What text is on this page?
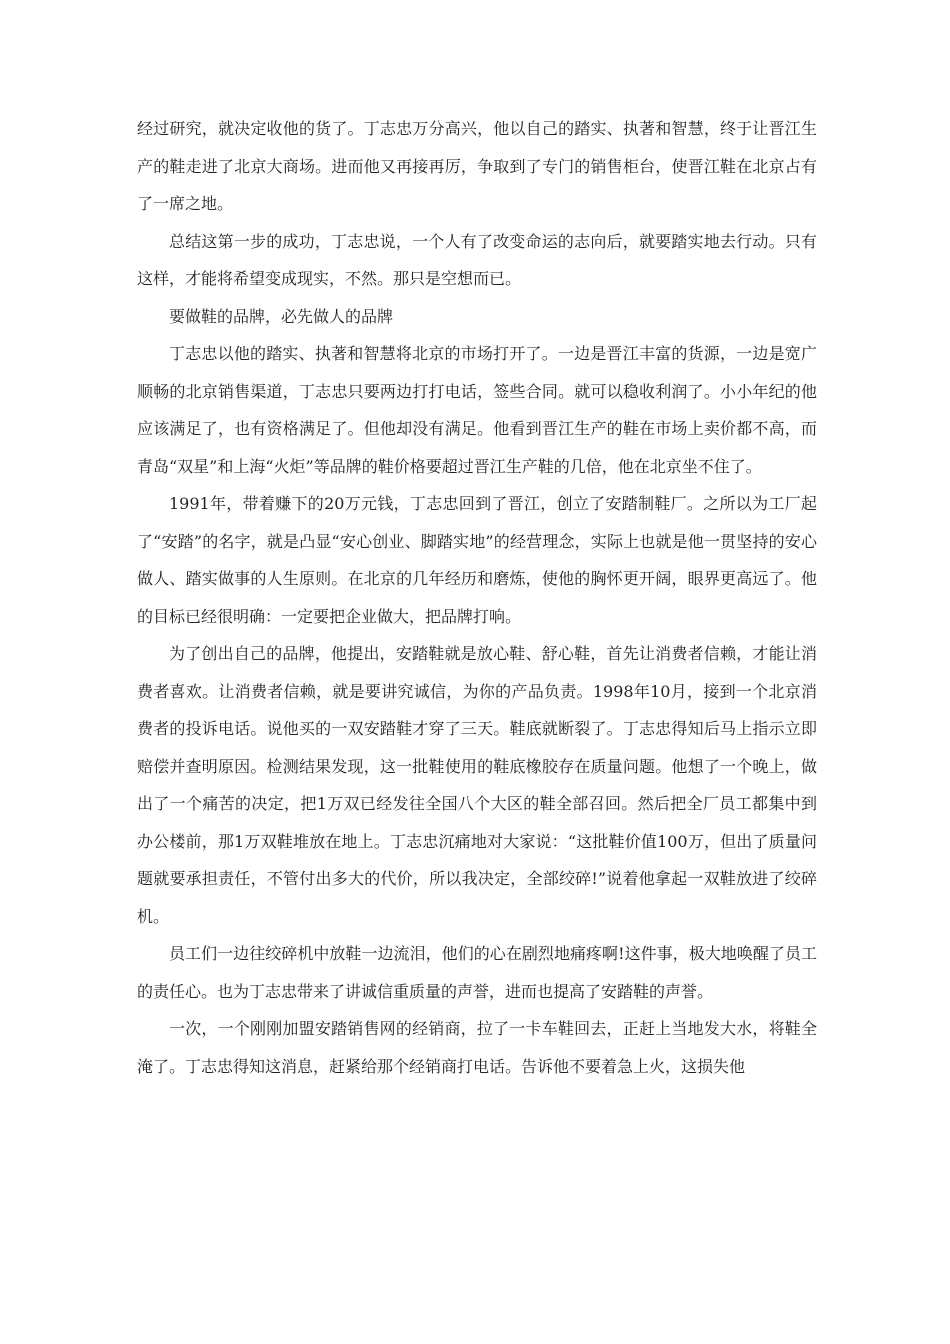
经过研究，就决定收他的货了。丁志忠万分高兴，他以自己的踏实、执著和智慧，终于让晋江生产的鞋走进了北京大商场。进而他又再接再厉，争取到了专门的销售柜台，使晋江鞋在北京占有了一席之地。

总结这第一步的成功，丁志忠说，一个人有了改变命运的志向后，就要踏实地去行动。只有这样，才能将希望变成现实，不然。那只是空想而已。

要做鞋的品牌，必先做人的品牌

丁志忠以他的踏实、执著和智慧将北京的市场打开了。一边是晋江丰富的货源，一边是宽广顺畅的北京销售渠道，丁志忠只要两边打打电话，签些合同。就可以稳收利润了。小小年纪的他应该满足了，也有资格满足了。但他却没有满足。他看到晋江生产的鞋在市场上卖价都不高，而青岛“双星”和上海“火炬”等品牌的鞋价格要超过晋江生产鞋的几倍，他在北京坐不住了。

1991年，带着赚下的20万元钱，丁志忠回到了晋江，创立了安踏制鞋厂。之所以为工厂起了“安踏”的名字，就是凸显“安心创业、脚踏实地”的经营理念，实际上也就是他一贯坚持的安心做人、踏实做事的人生原则。在北京的几年经历和磨炼，使他的胸怀更开阔，眼界更高远了。他的目标已经很明确：一定要把企业做大，把品牌打响。

为了创出自己的品牌，他提出，安踏鞋就是放心鞋、舒心鞋，首先让消费者信赖，才能让消费者喜欢。让消费者信赖，就是要讲究诚信，为你的产品负责。1998年10月，接到一个北京消费者的投诉电话。说他买的一双安踏鞋才穿了三天。鞋底就断裂了。丁志忠得知后马上指示立即赔偿并查明原因。检测结果发现，这一批鞋使用的鞋底橡胶存在质量问题。他想了一个晚上，做出了一个痛苦的决定，把1万双已经发往全国八个大区的鞋全部召回。然后把全厂员工都集中到办公楼前，那1万双鞋堆放在地上。丁志忠沉痛地对大家说：“这批鞋价值100万，但出了质量问题就要承担责任，不管付出多大的代价，所以我决定，全部绞碎!”说着他拿起一双鞋放进了绞碎机。

员工们一边往绞碎机中放鞋一边流泪，他们的心在剧烈地痛疼啊!这件事，极大地唤醒了员工的责任心。也为丁志忠带来了讲诚信重质量的声誉，进而也提高了安踏鞋的声誉。

一次，一个刚刚加盟安踏销售网的经销商，拉了一卡车鞋回去，正赶上当地发大水，将鞋全淹了。丁志忠得知这消息，赶紧给那个经销商打电话。告诉他不要着急上火，这损失他
